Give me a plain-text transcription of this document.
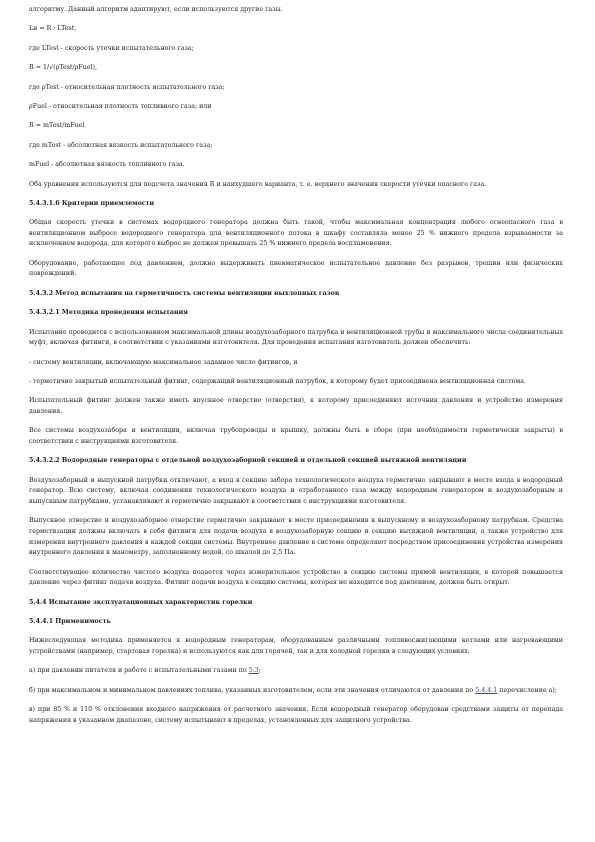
алгоритму. Данный алгоритм адаптируют, если используются другие газы.

Lн = R · LTest,

где LTest - скорость утечки испытательного газа;

R = 1/√(ρTest/ρFuel),

где ρTest - относительная плотность испытательного газа;

ρFuel - относительная плотность топливного газа; или

R = mTest/mFuel

где mTest - абсолютная вязкость испытательного газа;

mFuel - абсолютная вязкость топливного газа.

Оба уравнения используются для подсчета значения R и наихудшего варианта, т. е. верхнего значения скорости утечки опасного газа.

5.4.3.1.6 Критерии приемлемости

Общая скорость утечки в системах водородного генератора должна быть такой, чтобы максимальная концентрация любого огнеопасного газа в вентиляционном выбросе водородного генератора для вентиляционного потока в шкафу составляла менее 25 % нижнего предела взрываемости за исключением водорода, для которого выброс не должен превышать 25 % нижнего предела воспламенения.

Оборудование, работающее под давлением, должно выдерживать пневматическое испытательное давление без разрывов, трещин или физических повреждений.

5.4.3.2 Метод испытания на герметичность системы вентиляции выхлопных газов

5.4.3.2.1 Методика проведения испытания

Испытание проводится с использованием максимальной длины воздухозаборного патрубка и вентиляционной трубы и максимального числа соединительных муфт, включая фитинги, в соответствии с указаниями изготовителя. Для проведения испытания изготовитель должен обеспечить:

- систему вентиляции, включающую максимальное заданное число фитингов, и

- герметично закрытый испытательный фитинг, содержащий вентиляционный патрубок, к которому будет присоединена вентиляционная система.

Испытательный фитинг должен также иметь впускное отверстие (отверстия), к которому присоединяют источник давления и устройство измерения давления.

Все системы воздухозабора и вентиляции, включая трубопроводы и крышку, должны быть в сборе (при необходимости герметически закрыты) в соответствии с инструкциями изготовителя.

5.4.3.2.2 Водородные генераторы с отдельной воздухозаборной секцией и отдельной секцией вытяжной вентиляции

Воздухозаборный и выпускной патрубки отключают, а вход в секцию забора технологического воздуха герметично закрывают в месте входа в водородный генератор. Всю систему, включая соединения технологического воздуха и отработанного газа между водородным генератором и воздухозаборным и выпускным патрубками, устанавливают и герметично закрывают в соответствии с инструкциями изготовителя.

Выпускное отверстие и воздухозаборное отверстие герметично закрывают в месте присоединения к выпускному и воздухозаборному патрубкам. Средства герметизации должны включать в себя фитинги для подачи воздуха в воздухозаборную секцию и секцию вытяжной вентиляции, а также устройство для измерения внутреннего давления в каждой секции системы. Внутреннее давление в системе определяют посредством присоединения устройства измерения внутреннего давления к манометру, заполненному водой, со шкалой до 2,5 Па.

Соответствующее количество чистого воздуха подается через измерительное устройство в секцию системы прямой вентиляции, в которой повышается давление через фитинг подачи воздуха. Фитинг подачи воздуха в секцию системы, которая не находится под давлением, должен быть открыт.

5.4.4 Испытание эксплуатационных характеристик горелки

5.4.4.1 Применимость

Нижеследующая методика применяется к водородным генераторам, оборудованным различными топливосжигающими котлами или нагревающими устройствами (например, стартовая горелка) и используются как для горячей, так и для холодной горелки в следующих условиях:

а) при давлении питателя и работе с испытательными газами по 5.3;

б) при максимальном и минимальном давлениях топлива, указанных изготовителем, если эти значения отличаются от давления по 5.4.4.1 перечисление а);

в) при 85 % и 110 % отклонения входного напряжения от расчетного значения. Если водородный генератор оборудован средствами защиты от перепада напряжения в указанном диапазоне, систему испытывают в пределах, установленных для защитного устройства.
